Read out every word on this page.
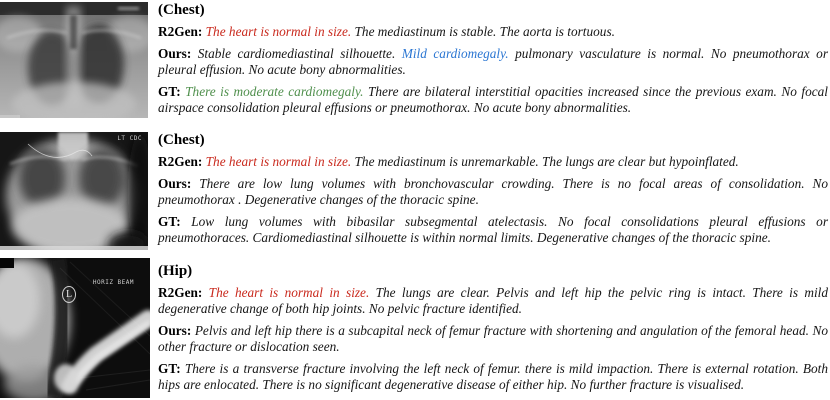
LT CDC
HORIZ BEAM
L
(Chest)

R2Gen: The heart is normal in size. The mediastinum is stable. The aorta is tortuous.

Ours: Stable cardiomediastinal silhouette. Mild cardiomegaly. pulmonary vasculature is normal. No pneumothorax or pleural effusion. No acute bony abnormalities.

GT: There is moderate cardiomegaly. There are bilateral interstitial opacities increased since the previous exam. No focal airspace consolidation pleural effusions or pneumothorax. No acute bony abnormalities.

(Chest)

R2Gen: The heart is normal in size. The mediastinum is unremarkable. The lungs are clear but hypoinflated.

Ours: There are low lung volumes with bronchovascular crowding. There is no focal areas of consolidation. No pneumothorax . Degenerative changes of the thoracic spine.

GT: Low lung volumes with bibasilar subsegmental atelectasis. No focal consolidations pleural effusions or pneumothoraces. Cardiomediastinal silhouette is within normal limits. Degenerative changes of the thoracic spine.

(Hip)

R2Gen: The heart is normal in size. The lungs are clear. Pelvis and left hip the pelvic ring is intact. There is mild degenerative change of both hip joints. No pelvic fracture identified.

Ours: Pelvis and left hip there is a subcapital neck of femur fracture with shortening and angulation of the femoral head. No other fracture or dislocation seen.

GT: There is a transverse fracture involving the left neck of femur. there is mild impaction. There is external rotation. Both hips are enlocated. There is no significant degenerative disease of either hip. No further fracture is visualised.
